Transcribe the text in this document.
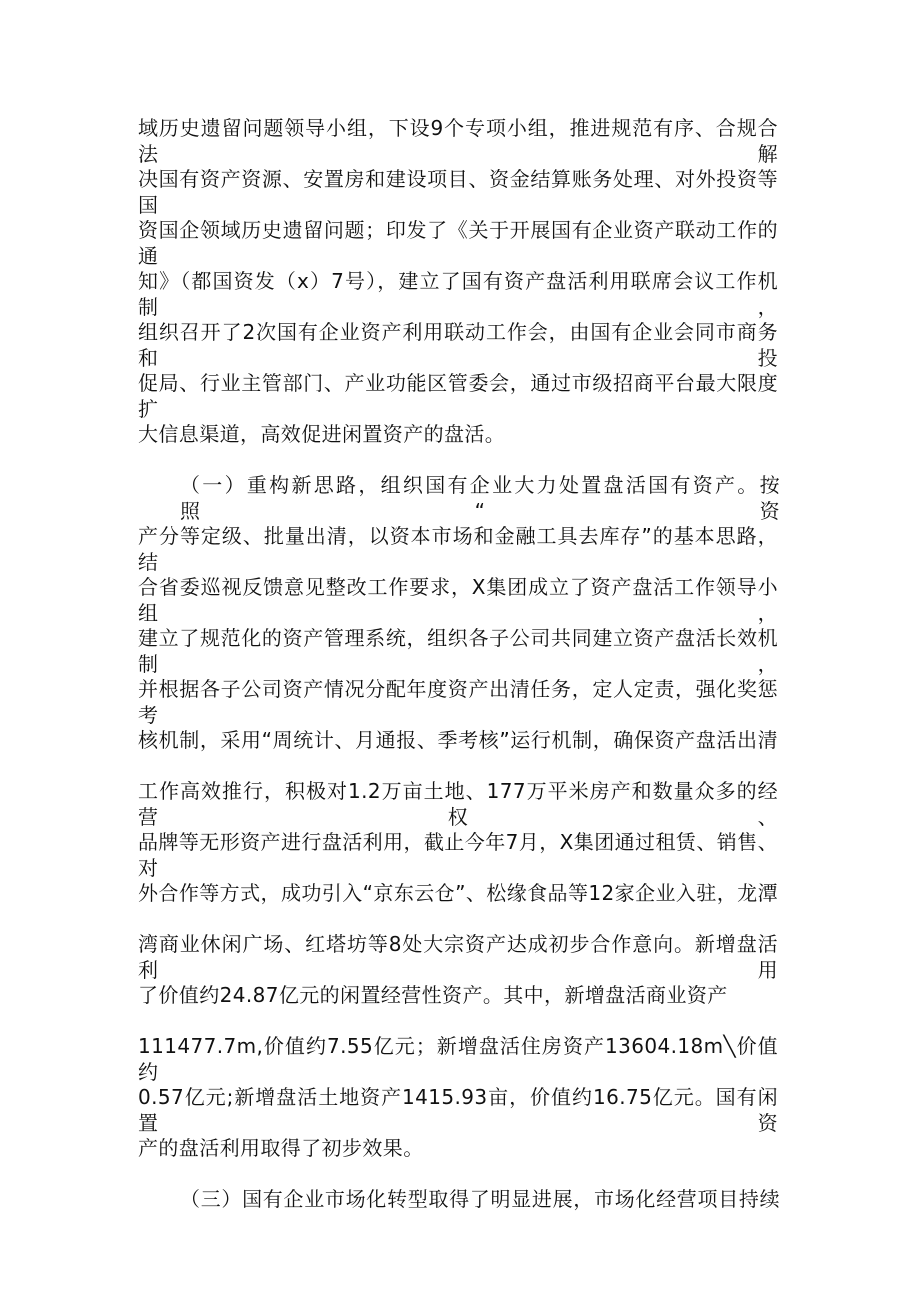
域历史遗留问题领导小组，下设9个专项小组，推进规范有序、合规合法解
决国有资产资源、安置房和建设项目、资金结算账务处理、对外投资等国
资国企领域历史遗留问题；印发了《关于开展国有企业资产联动工作的通
知》（都国资发（x）7号），建立了国有资产盘活利用联席会议工作机制，
组织召开了2次国有企业资产利用联动工作会，由国有企业会同市商务和投
促局、行业主管部门、产业功能区管委会，通过市级招商平台最大限度扩
大信息渠道，高效促进闲置资产的盘活。
（一）重构新思路，组织国有企业大力处置盘活国有资产。按照“资
产分等定级、批量出清，以资本市场和金融工具去库存”的基本思路，结
合省委巡视反馈意见整改工作要求，X集团成立了资产盘活工作领导小组，
建立了规范化的资产管理系统，组织各子公司共同建立资产盘活长效机制，
并根据各子公司资产情况分配年度资产出清任务，定人定责，强化奖惩考
核机制，采用“周统计、月通报、季考核”运行机制，确保资产盘活出清
工作高效推行，积极对1.2万亩土地、177万平米房产和数量众多的经营权、
品牌等无形资产进行盘活利用，截止今年7月，X集团通过租赁、销售、对
外合作等方式，成功引入“京东云仓”、松缘食品等12家企业入驻，龙潭
湾商业休闲广场、红塔坊等8处大宗资产达成初步合作意向。新增盘活利用
了价值约24.87亿元的闲置经营性资产。其中，新增盘活商业资产
111477.7m,价值约7.55亿元；新增盘活住房资产13604.18m╲价值约
0.57亿元;新增盘活土地资产1415.93亩，价值约16.75亿元。国有闲置资
产的盘活利用取得了初步效果。
（三）国有企业市场化转型取得了明显进展，市场化经营项目持续
